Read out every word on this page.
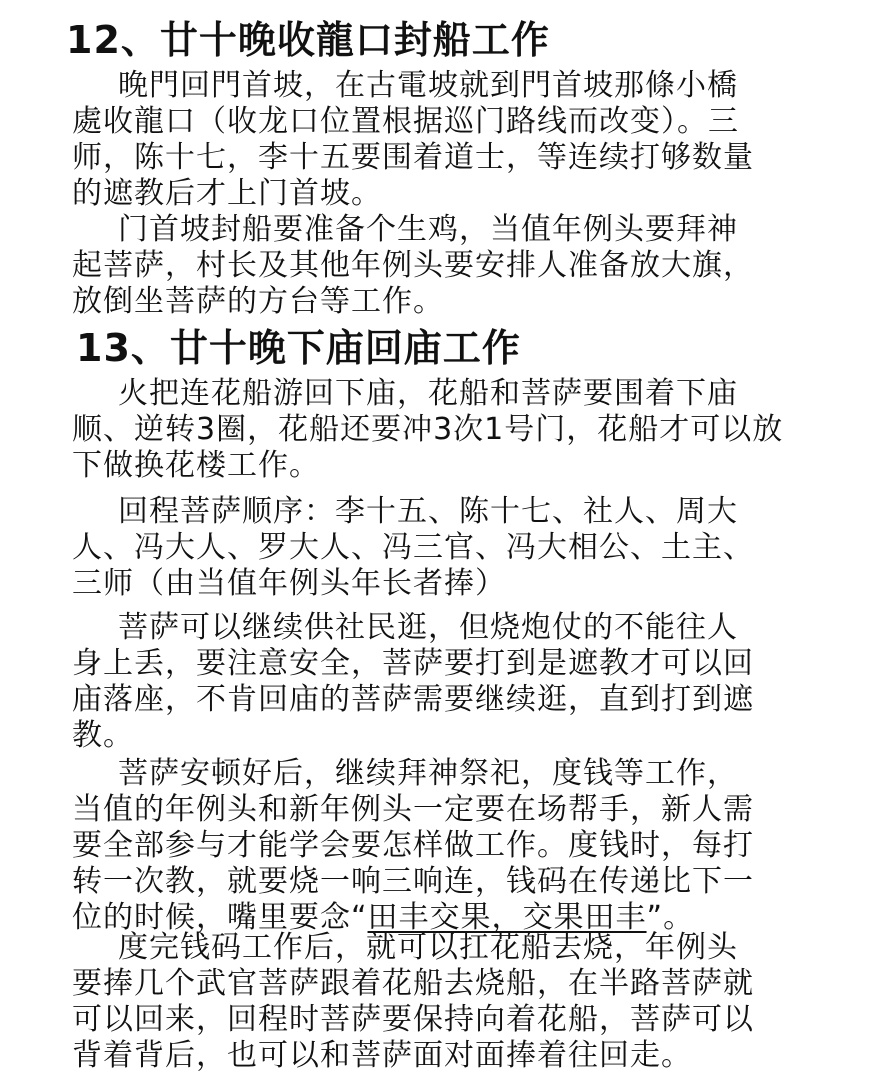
12、廿十晚收龍口封船工作

晚門回門首坡，在古電坡就到門首坡那條小橋
處收龍口（收龙口位置根据巡门路线而改变）。三
师，陈十七，李十五要围着道士，等连续打够数量
的遮教后才上门首坡。

门首坡封船要准备个生鸡，当值年例头要拜神
起菩萨，村长及其他年例头要安排人准备放大旗，
放倒坐菩萨的方台等工作。

13、廿十晚下庙回庙工作

火把连花船游回下庙，花船和菩萨要围着下庙
顺、逆转3圈，花船还要冲3次1号门，花船才可以放
下做换花楼工作。

回程菩萨顺序：李十五、陈十七、社人、周大
人、冯大人、罗大人、冯三官、冯大相公、土主、
三师（由当值年例头年长者捧）

菩萨可以继续供社民逛，但烧炮仗的不能往人
身上丢，要注意安全，菩萨要打到是遮教才可以回
庙落座，不肯回庙的菩萨需要继续逛，直到打到遮
教。

菩萨安顿好后，继续拜神祭祀，度钱等工作，
当值的年例头和新年例头一定要在场帮手，新人需
要全部参与才能学会要怎样做工作。度钱时，每打
转一次教，就要烧一响三响连，钱码在传递比下一
位的时候，嘴里要念“田丰交果，交果田丰”。

度完钱码工作后，就可以扛花船去烧，年例头
要捧几个武官菩萨跟着花船去烧船，在半路菩萨就
可以回来，回程时菩萨要保持向着花船，菩萨可以
背着背后，也可以和菩萨面对面捧着往回走。
